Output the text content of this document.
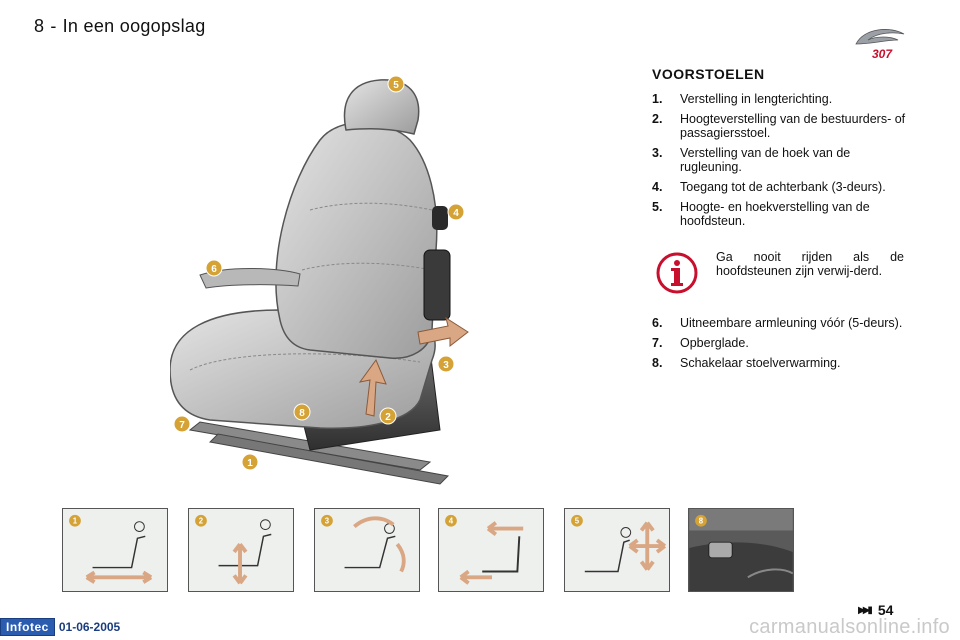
8 - In een oogopslag
307
VOORSTOELEN
1.	Verstelling in lengterichting.
2.	Hoogteverstelling van de bestuurders- of passagiersstoel.
3.	Verstelling van de hoek van de rugleuning.
4.	Toegang tot de achterbank (3-deurs).
5.	Hoogte- en hoekverstelling van de hoofdsteun.
Ga nooit rijden als de hoofdsteunen zijn verwij-derd.
6.	Uitneembare armleuning vóór (5-deurs).
7.	Opberglade.
8.	Schakelaar stoelverwarming.
5
4
6
3
8	2
7
1
1	2	3	4	5	8
Infotec 01-06-2005
▶▶▮ 54
carmanualsonline.info
